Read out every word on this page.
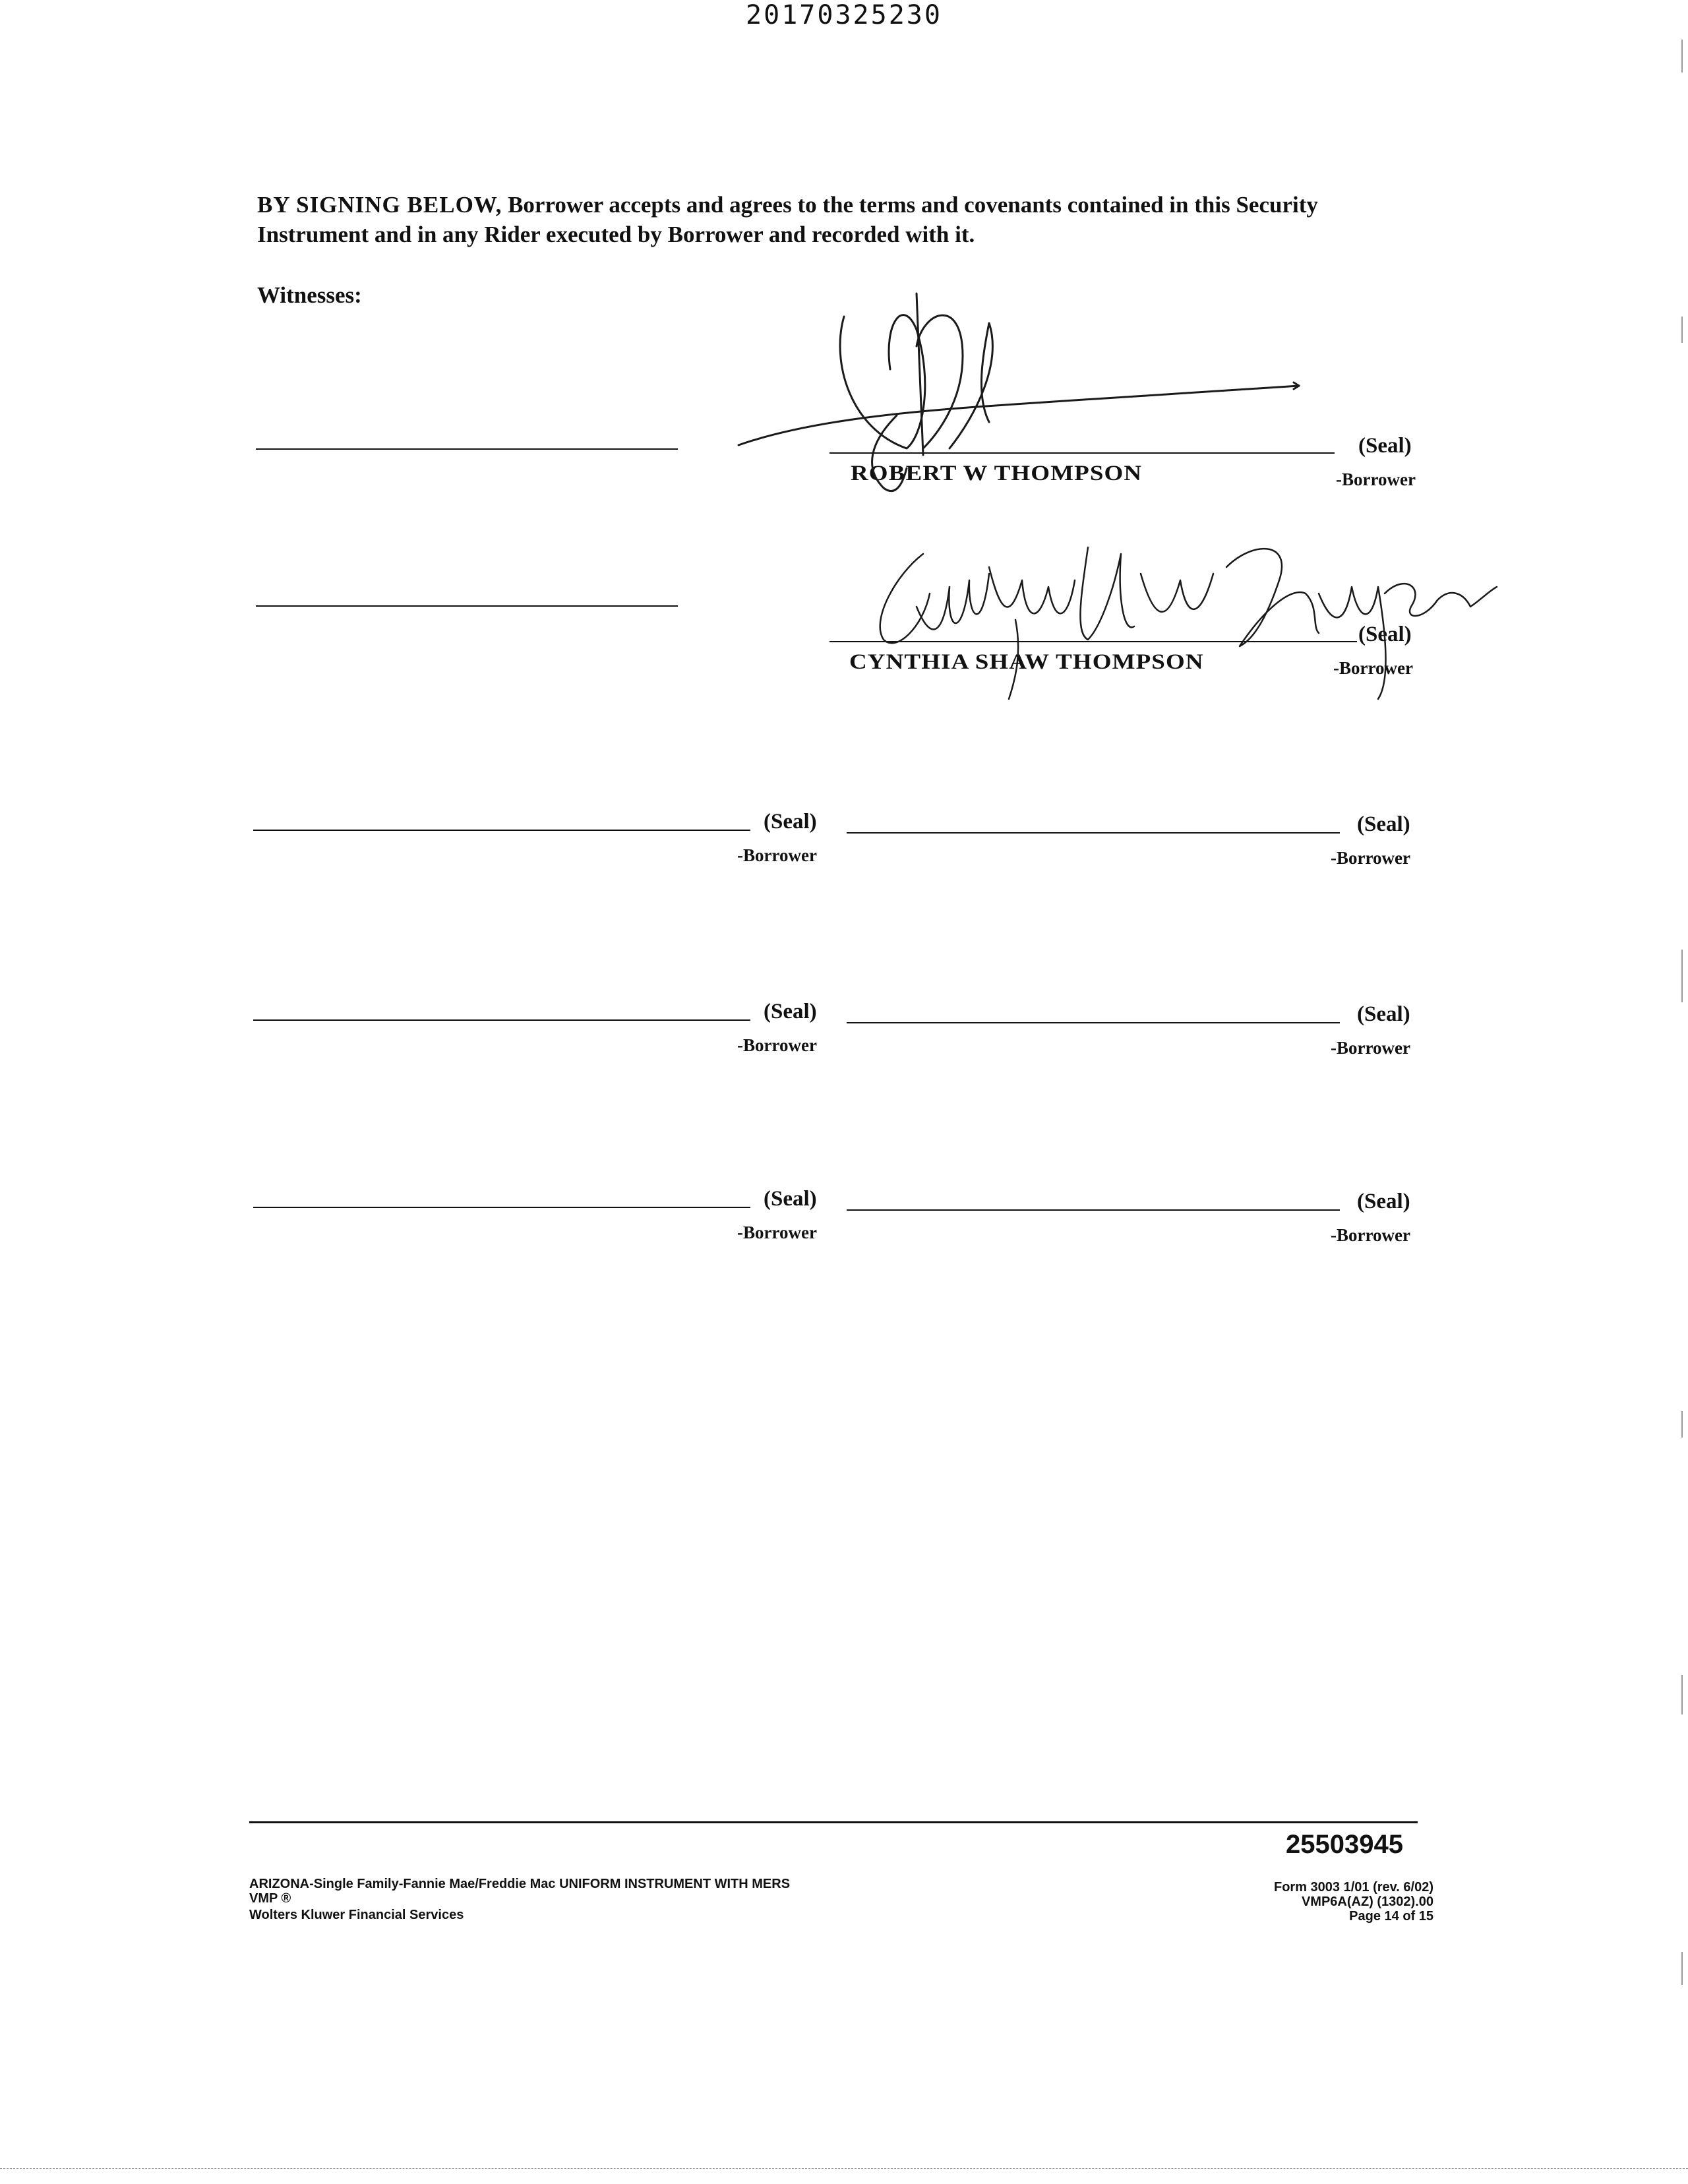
20170325230
BY SIGNING BELOW, Borrower accepts and agrees to the terms and covenants contained in this Security Instrument and in any Rider executed by Borrower and recorded with it.
Witnesses:
(Seal)
ROBERT W THOMPSON	-Borrower
(Seal)
CYNTHIA SHAW THOMPSON	-Borrower
(Seal)
-Borrower
(Seal)
-Borrower
(Seal)
-Borrower
(Seal)
-Borrower
(Seal)
-Borrower
(Seal)
-Borrower
25503945
ARIZONA-Single Family-Fannie Mae/Freddie Mac UNIFORM INSTRUMENT WITH MERS
VMP ®
Wolters Kluwer Financial Services
Form 3003 1/01 (rev. 6/02)
VMP6A(AZ) (1302).00
Page 14 of 15
